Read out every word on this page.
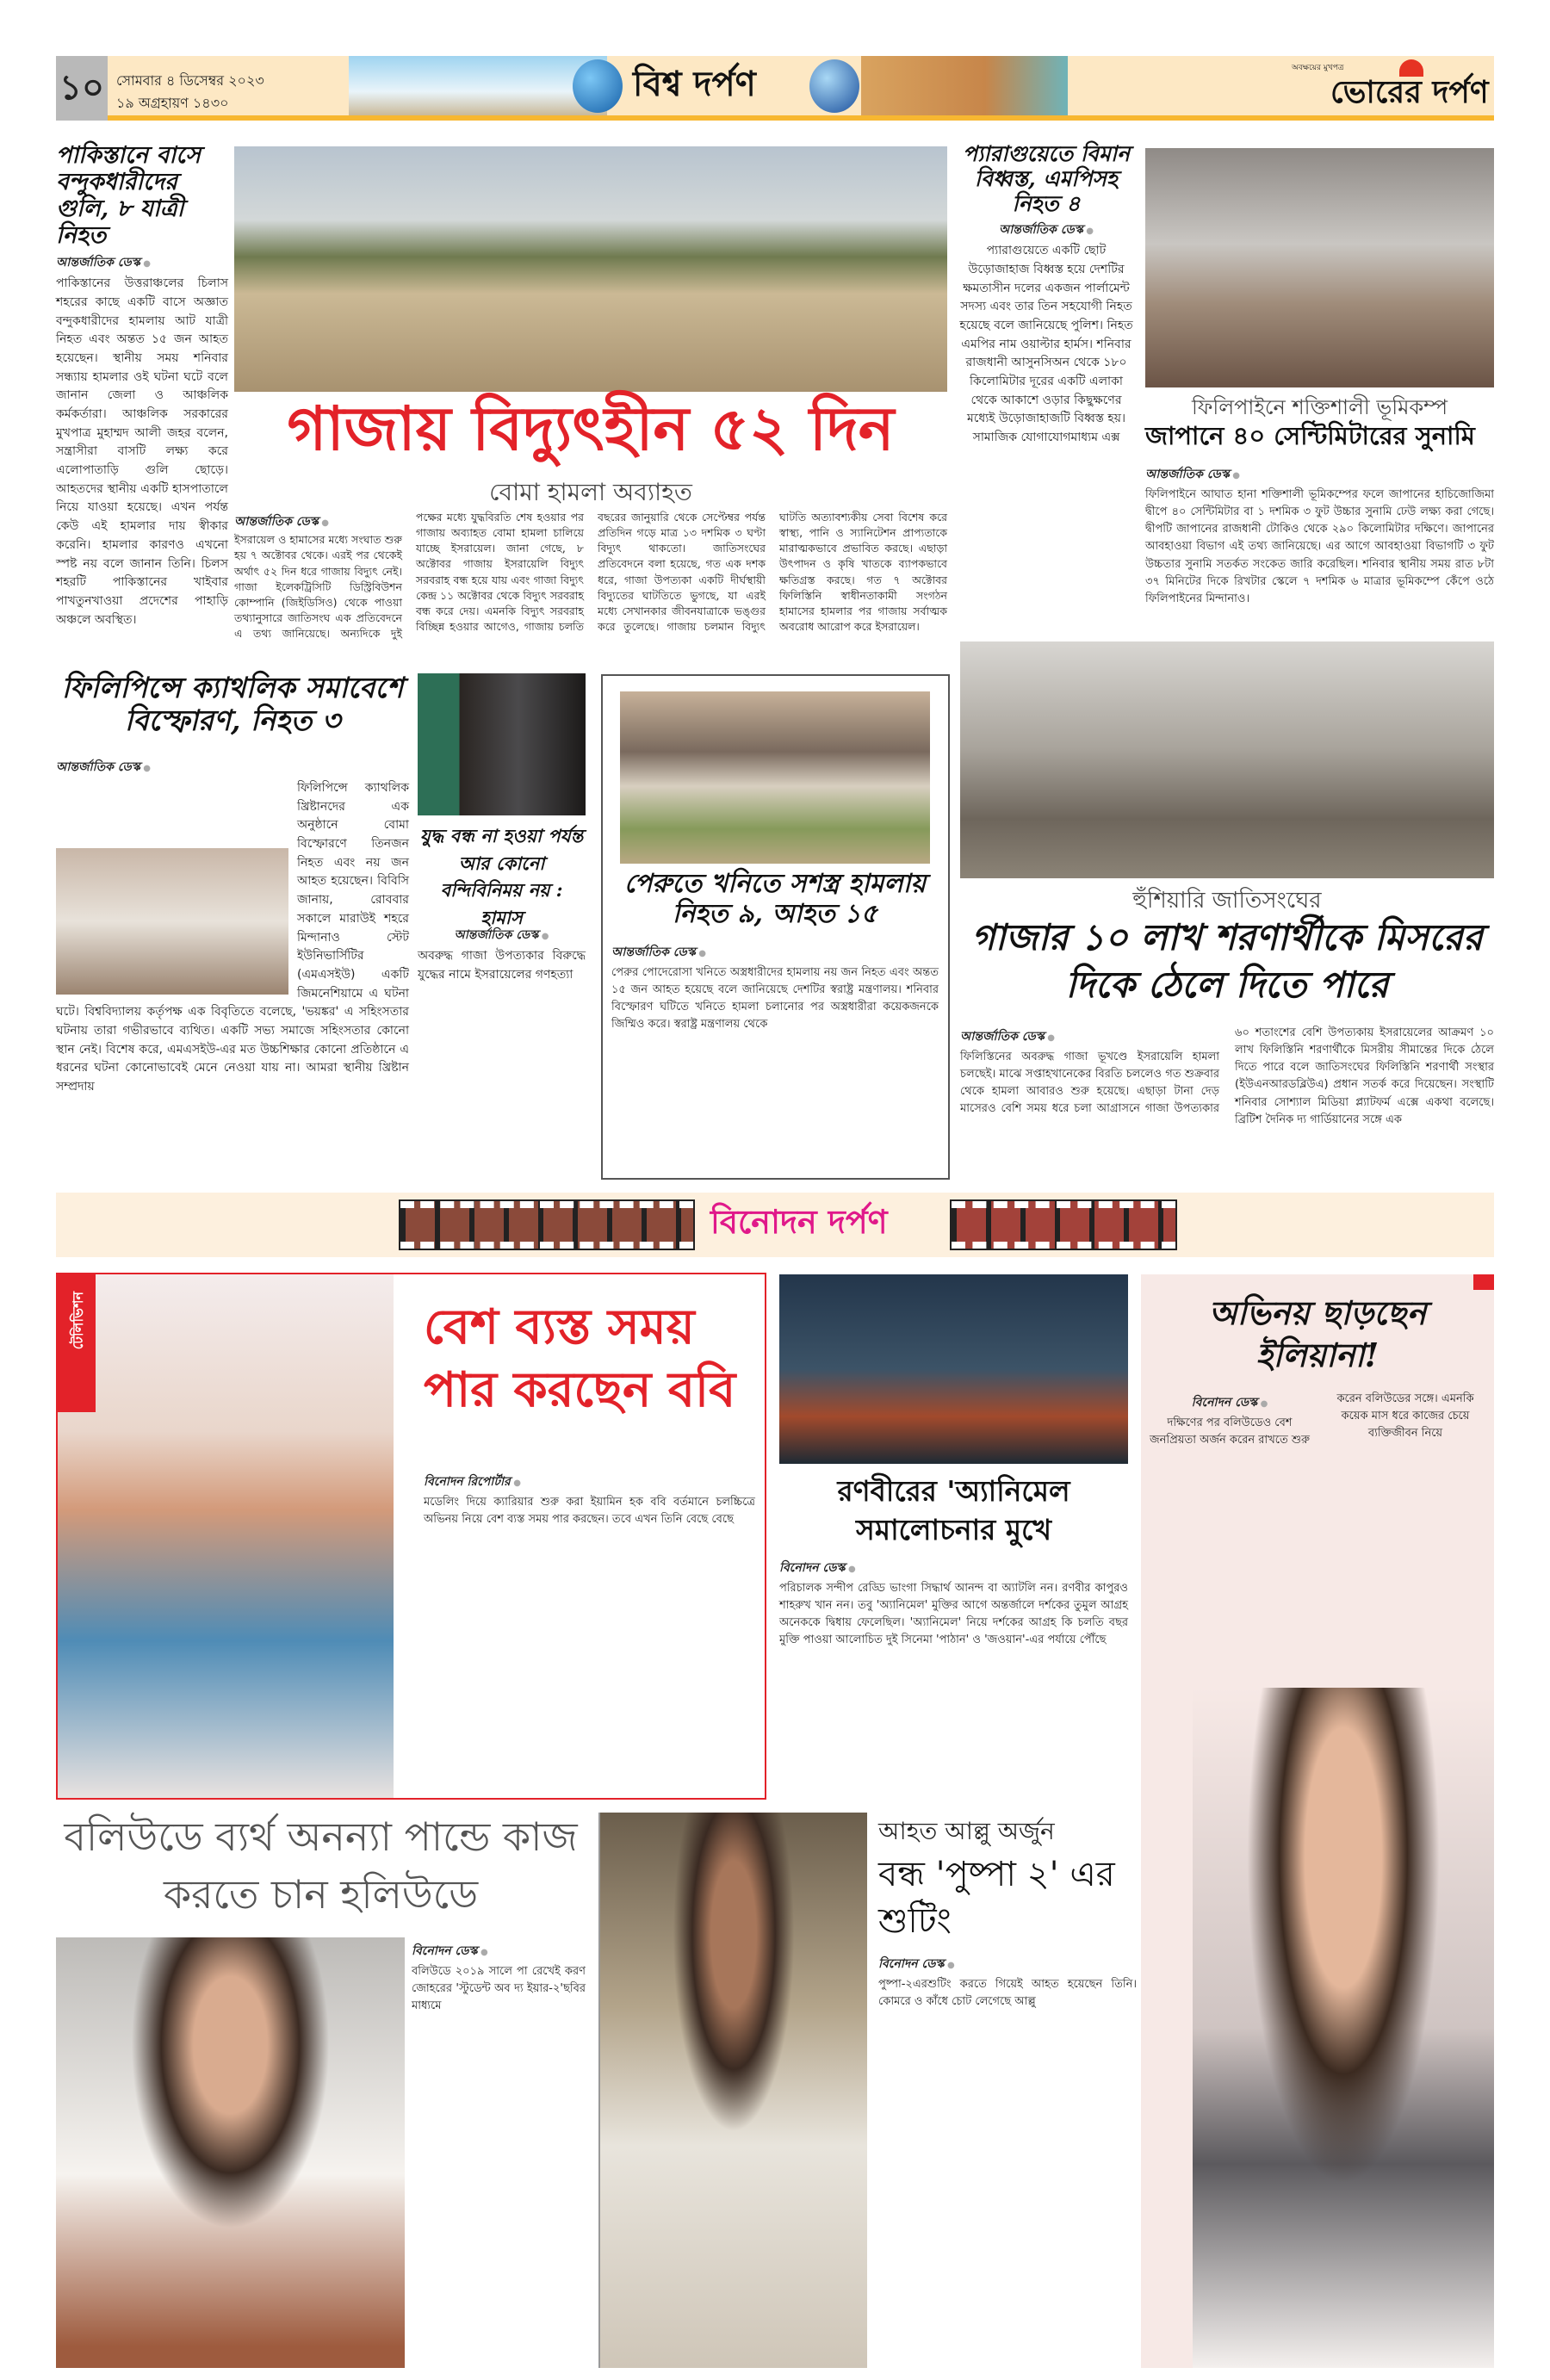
১০ সোমবার ৪ ডিসেম্বর ২০২৩
১৯ অগ্রহায়ণ ১৪৩০	বিশ্ব দর্পণ	অবক্ষয়ের মুখপত্র
ভোরের দর্পণ
পাকিস্তানে বাসে বন্দুকধারীদের গুলি, ৮ যাত্রী নিহত
আন্তর্জাতিক ডেস্ক ●
পাকিস্তানের উত্তরাঞ্চলের চিলাস শহরের কাছে একটি বাসে অজ্ঞাত বন্দুকধারীদের হামলায় আট যাত্রী নিহত এবং অন্তত ১৫ জন আহত হয়েছেন। স্থানীয় সময় শনিবার সন্ধ্যায় হামলার ওই ঘটনা ঘটে বলে জানান জেলা ও আঞ্চলিক কর্মকর্তারা। আঞ্চলিক সরকারের মুখপাত্র মুহাম্মদ আলী জহর বলেন, সন্ত্রাসীরা বাসটি লক্ষ্য করে এলোপাতাড়ি গুলি ছোড়ে। আহতদের স্থানীয় একটি হাসপাতালে নিয়ে যাওয়া হয়েছে। এখন পর্যন্ত কেউ এই হামলার দায় স্বীকার করেনি। হামলার কারণও এখনো স্পষ্ট নয় বলে জানান তিনি। চিলস শহরটি পাকিস্তানের খাইবার পাখতুনখাওয়া প্রদেশের পাহাড়ি অঞ্চলে অবস্থিত।
গাজায় বিদ্যুৎহীন ৫২ দিন
বোমা হামলা অব্যাহত
আন্তর্জাতিক ডেস্ক ●
ইসরায়েল ও হামাসের মধ্যে সংঘাত শুরু হয় ৭ অক্টোবর থেকে। এরই পর থেকেই অর্থাৎ ৫২ দিন ধরে গাজায় বিদ্যুৎ নেই। গাজা ইলেকট্রিসিটি ডিস্ট্রিবিউশন কোম্পানি (জিইডিসিও) থেকে পাওয়া তথ্যানুসারে জাতিসংঘ এক প্রতিবেদনে এ তথ্য জানিয়েছে। অন্যদিকে দুই পক্ষের মধ্যে যুদ্ধবিরতি শেষ হওয়ার পর গাজায় অব্যাহত বোমা হামলা চালিয়ে যাচ্ছে ইসরায়েল। জানা গেছে, ৮ অক্টোবর গাজায় ইসরায়েলি বিদ্যুৎ সরবরাহ বন্ধ হয়ে যায় এবং গাজা বিদ্যুৎ কেন্দ্র ১১ অক্টোবর থেকে বিদ্যুৎ সরবরাহ বন্ধ করে দেয়। এমনকি বিদ্যুৎ সরবরাহ বিচ্ছিন্ন হওয়ার আগেও, গাজায় চলতি বছরের জানুয়ারি থেকে সেপ্টেম্বর পর্যন্ত প্রতিদিন গড়ে মাত্র ১৩ দশমিক ৩ ঘণ্টা বিদ্যুৎ থাকতো। জাতিসংঘের প্রতিবেদনে বলা হয়েছে, গত এক দশক ধরে, গাজা উপত্যকা একটি দীর্ঘস্থায়ী বিদ্যুতের ঘাটতিতে ভুগছে, যা এরই মধ্যে সেখানকার জীবনযাত্রাকে ভঙ্গুর করে তুলেছে। গাজায় চলমান বিদ্যুৎ ঘাটতি অত্যাবশ্যকীয় সেবা বিশেষ করে স্বাস্থ্য, পানি ও স্যানিটেশন প্রাপ্যতাকে মারাত্মকভাবে প্রভাবিত করছে। এছাড়া উৎপাদন ও কৃষি খাতকে ব্যাপকভাবে ক্ষতিগ্রস্ত করছে। গত ৭ অক্টোবর ফিলিস্তিনি স্বাধীনতাকামী সংগঠন হামাসের হামলার পর গাজায় সর্বাত্মক অবরোধ আরোপ করে ইসরায়েল।
প্যারাগুয়েতে বিমান বিধ্বস্ত, এমপিসহ নিহত ৪
আন্তর্জাতিক ডেস্ক ●
প্যারাগুয়েতে একটি ছোট উড়োজাহাজ বিধ্বস্ত হয়ে দেশটির ক্ষমতাসীন দলের একজন পার্লামেন্ট সদস্য এবং তার তিন সহযোগী নিহত হয়েছে বলে জানিয়েছে পুলিশ। নিহত এমপির নাম ওয়াল্টার হার্মস। শনিবার রাজধানী আসুনসিঅন থেকে ১৮০ কিলোমিটার দূরের একটি এলাকা থেকে আকাশে ওড়ার কিছুক্ষণের মধ্যেই উড়োজাহাজটি বিধ্বস্ত হয়। সামাজিক যোগাযোগমাধ্যম এক্স
ফিলিপাইনে শক্তিশালী ভূমিকম্প
জাপানে ৪০ সেন্টিমিটারের সুনামি
আন্তর্জাতিক ডেস্ক ●
ফিলিপাইনে আঘাত হানা শক্তিশালী ভূমিকম্পের ফলে জাপানের হাচিজোজিমা দ্বীপে ৪০ সেন্টিমিটার বা ১ দশমিক ৩ ফুট উচ্চার সুনামি ঢেউ লক্ষ্য করা গেছে। দ্বীপটি জাপানের রাজধানী টোকিও থেকে ২৯০ কিলোমিটার দক্ষিণে। জাপানের আবহাওয়া বিভাগ এই তথ্য জানিয়েছে। এর আগে আবহাওয়া বিভাগটি ৩ ফুট উচ্চতার সুনামি সতর্কত সংকেত জারি করেছিল। শনিবার স্থানীয় সময় রাত ৮টা ৩৭ মিনিটের দিকে রিখটার স্কেলে ৭ দশমিক ৬ মাত্রার ভূমিকম্পে কেঁপে ওঠে ফিলিপাইনের মিন্দানাও।
ফিলিপিন্সে ক্যাথলিক সমাবেশে বিস্ফোরণ, নিহত ৩
আন্তর্জাতিক ডেস্ক ●
ফিলিপিন্সে ক্যাথলিক খ্রিষ্টানদের এক অনুষ্ঠানে বোমা বিস্ফোরণে তিনজন নিহত এবং নয় জন আহত হয়েছেন। বিবিসি জানায়, রোববার সকালে মারাউই শহরে মিন্দানাও স্টেট ইউনিভার্সিটির (এমএসইউ) একটি জিমনেশিয়ামে এ ঘটনা ঘটে। বিশ্ববিদ্যালয় কর্তৃপক্ষ এক বিবৃতিতে বলেছে, 'ভয়ঙ্কর' এ সহিংসতার ঘটনায় তারা গভীরভাবে ব্যথিত। একটি সভ্য সমাজে সহিংসতার কোনো স্থান নেই। বিশেষ করে, এমএসইউ-এর মত উচ্চশিক্ষার কোনো প্রতিষ্ঠানে এ ধরনের ঘটনা কোনোভাবেই মেনে নেওয়া যায় না। আমরা স্থানীয় খ্রিষ্টান সম্প্রদায়
যুদ্ধ বন্ধ না হওয়া পর্যন্ত আর কোনো বন্দিবিনিময় নয় : হামাস
আন্তর্জাতিক ডেস্ক ●
অবরুদ্ধ গাজা উপত্যকার বিরুদ্ধে যুদ্ধের নামে ইসরায়েলের গণহত্যা
পেরুতে খনিতে সশস্ত্র হামলায় নিহত ৯, আহত ১৫
আন্তর্জাতিক ডেস্ক ●
পেরুর পোদেরোসা খনিতে অস্ত্রধারীদের হামলায় নয় জন নিহত এবং অন্তত ১৫ জন আহত হয়েছে বলে জানিয়েছে দেশটির স্বরাষ্ট্র মন্ত্রণালয়। শনিবার বিস্ফোরণ ঘটিতে খনিতে হামলা চলানোর পর অস্ত্রধারীরা কয়েকজনকে জিম্মিও করে। স্বরাষ্ট্র মন্ত্রণালয় থেকে
হুঁশিয়ারি জাতিসংঘের
গাজার ১০ লাখ শরণার্থীকে মিসরের দিকে ঠেলে দিতে পারে
আন্তর্জাতিক ডেস্ক ●
ফিলিস্তিনের অবরুদ্ধ গাজা ভূখণ্ডে ইসরায়েলি হামলা চলছেই। মাঝে সপ্তাহখানেকের বিরতি চললেও গত শুক্রবার থেকে হামলা আবারও শুরু হয়েছে। এছাড়া টানা দেড় মাসেরও বেশি সময় ধরে চলা আগ্রাসনে গাজা উপত্যকার ৬০ শতাংশের বেশি উপত্যকায় ইসরায়েলের আক্রমণ ১০ লাখ ফিলিস্তিনি শরণার্থীকে মিসরীয় সীমান্তের দিকে ঠেলে দিতে পারে বলে জাতিসংঘের ফিলিস্তিনি শরণার্থী সংস্থার (ইউএনআরডব্লিউএ) প্রধান সতর্ক করে দিয়েছেন। সংস্থাটি শনিবার সোশ্যাল মিডিয়া প্ল্যাটফর্ম এক্সে একথা বলেছে। ব্রিটিশ দৈনিক দ্য গার্ডিয়ানের সঙ্গে এক
বিনোদন দর্পণ
টেলিভিশন	বেশ ব্যস্ত সময় পার করছেন ববি
বিনোদন রিপোর্টার ●
মডেলিং দিয়ে ক্যারিয়ার শুরু করা ইয়ামিন হক ববি বর্তমানে চলচ্চিত্রে অভিনয় নিয়ে বেশ ব্যস্ত সময় পার করছেন। তবে এখন তিনি বেছে বেছে
রণবীরের 'অ্যানিমেল সমালোচনার মুখে
বিনোদন ডেস্ক ●
পরিচালক সন্দীপ রেড্ডি ভাংগা সিদ্ধার্থ আনন্দ বা অ্যাটলি নন। রণবীর কাপুরও শাহরুখ খান নন। তবু 'অ্যানিমেল' মুক্তির আগে অন্তর্জালে দর্শকের তুমুল আগ্রহ অনেককে দ্বিধায় ফেলেছিল। 'অ্যানিমেল' নিয়ে দর্শকের আগ্রহ কি চলতি বছর মুক্তি পাওয়া আলোচিত দুই সিনেমা 'পাঠান' ও 'জওয়ান'-এর পর্যায়ে পৌঁছে
অভিনয় ছাড়ছেন ইলিয়ানা!
বিনোদন ডেস্ক ●
দক্ষিণের পর বলিউডেও বেশ জনপ্রিয়তা অর্জন করেন রাখতে শুরু করেন বলিউডের সঙ্গে। এমনকি কয়েক মাস ধরে কাজের চেয়ে ব্যক্তিজীবন নিয়ে
বলিউডে ব্যর্থ অনন্যা পান্ডে কাজ করতে চান হলিউডে
বিনোদন ডেস্ক ●
বলিউডে ২০১৯ সালে পা রেখেই করণ জোহরের 'স্টুডেন্ট অব দ্য ইয়ার-২'ছবির মাধ্যমে
আহত আল্লু অর্জুন
বন্ধ 'পুষ্পা ২' এর শুটিং
বিনোদন ডেস্ক ●
পুষ্পা-২এরশুটিং করতে গিয়েই আহত হয়েছেন তিনি। কোমরে ও কাঁধে চোট লেগেছে আল্লু
